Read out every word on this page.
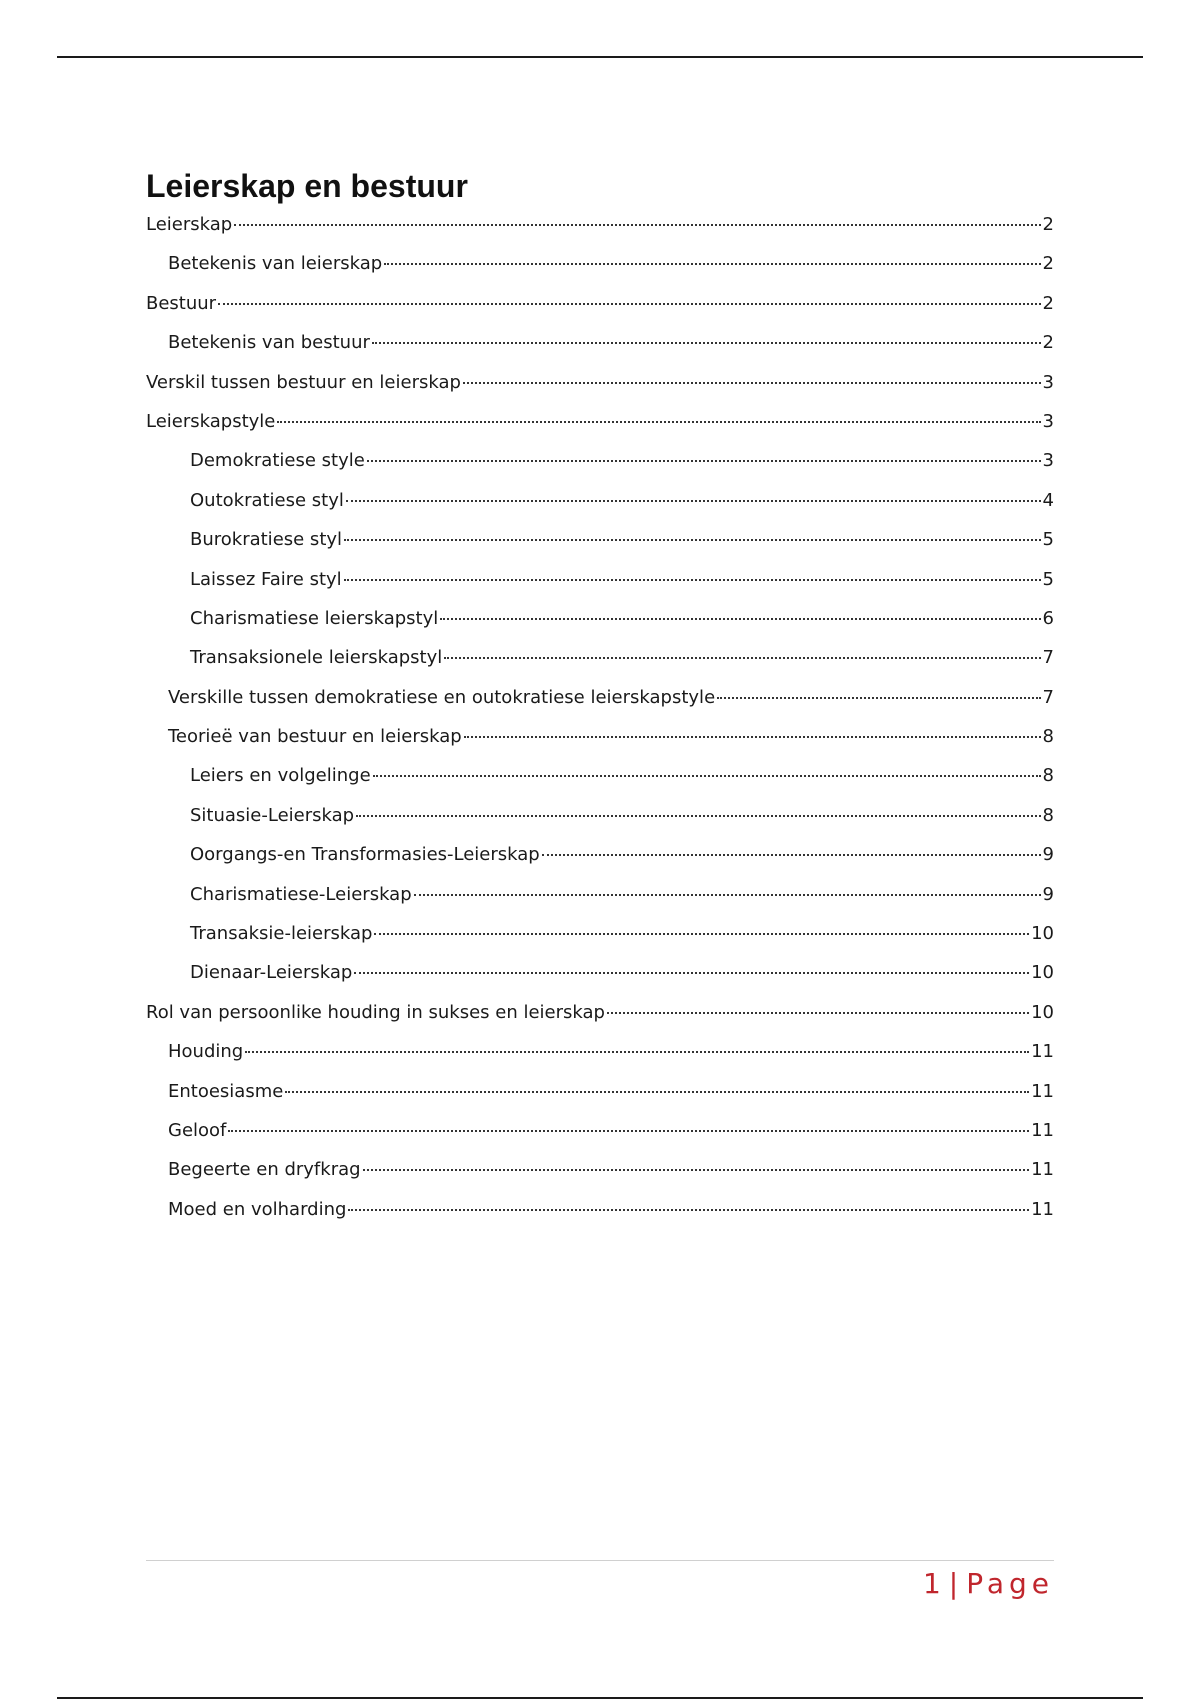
Leierskap en bestuur
Leierskap	2
Betekenis van leierskap	2
Bestuur	2
Betekenis van bestuur	2
Verskil tussen bestuur en leierskap	3
Leierskapstyle	3
Demokratiese style	3
Outokratiese styl	4
Burokratiese styl	5
Laissez Faire styl	5
Charismatiese leierskapstyl	6
Transaksionele leierskapstyl	7
Verskille tussen demokratiese en outokratiese leierskapstyle	7
Teorieë van bestuur en leierskap	8
Leiers en volgelinge	8
Situasie-Leierskap	8
Oorgangs-en Transformasies-Leierskap	9
Charismatiese-Leierskap	9
Transaksie-leierskap	10
Dienaar-Leierskap	10
Rol van persoonlike houding in sukses en leierskap	10
Houding	11
Entoesiasme	11
Geloof	11
Begeerte en dryfkrag	11
Moed en volharding	11
1 | Page
